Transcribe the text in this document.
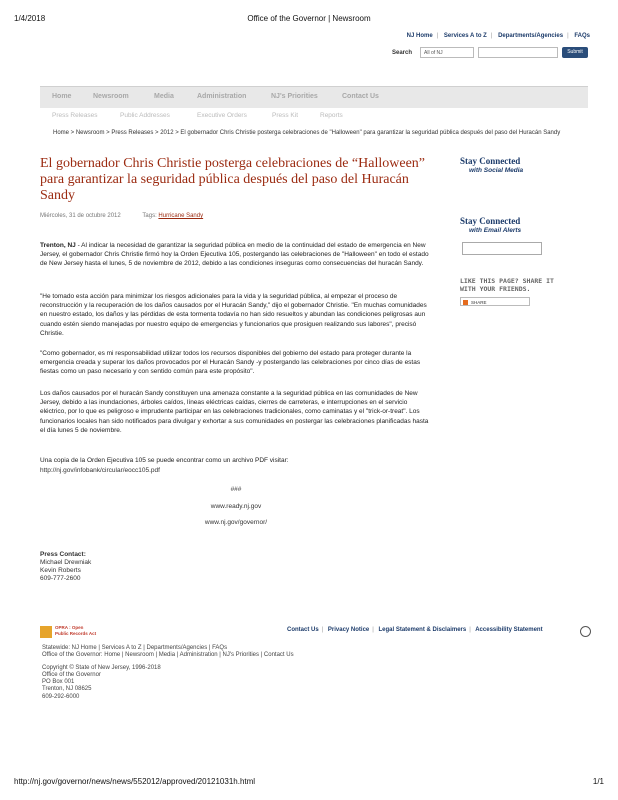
1/4/2018	Office of the Governor | Newsroom
NJ Home | Services A to Z | Departments/Agencies | FAQs
Search	All of NJ	Submit
Home	Newsroom	Media	Administration	NJ's Priorities	Contact Us
Press Releases	Public Addresses	Executive Orders	Press Kit	Reports
Home > Newsroom > Press Releases > 2012 > El gobernador Chris Christie posterga celebraciones de "Halloween" para garantizar la seguridad pública después del paso del Huracán Sandy
El gobernador Chris Christie posterga celebraciones de “Halloween” para garantizar la seguridad pública después del paso del Huracán Sandy
Miércoles, 31 de octubre 2012	Tags: Hurricane Sandy

Trenton, NJ - Al indicar la necesidad de garantizar la seguridad pública en medio de la continuidad del estado de emergencia en New Jersey, el gobernador Chris Christie firmó hoy la Orden Ejecutiva 105, postergando las celebraciones de "Halloween" en todo el estado de New Jersey hasta el lunes, 5 de noviembre de 2012, debido a las condiciones inseguras como consecuencias del huracán Sandy.

"He tomado esta acción para minimizar los riesgos adicionales para la vida y la seguridad pública, al empezar el proceso de reconstrucción y la recuperación de los daños causados por el Huracán Sandy," dijo el gobernador Christie. "En muchas comunidades en nuestro estado, los daños y las pérdidas de esta tormenta todavía no han sido resueltos y abundan las condiciones peligrosas aun cuando estén siendo manejadas por nuestro equipo de emergencias y funcionarios que prosiguen realizando sus labores", precisó Christie.

"Como gobernador, es mi responsabilidad utilizar todos los recursos disponibles del gobierno del estado para proteger durante la emergencia creada y superar los daños provocados por el Huracán Sandy -y postergando las celebraciones por cinco días de estas fiestas como un paso necesario y con sentido común para este propósito".

Los daños causados por el huracán Sandy constituyen una amenaza constante a la seguridad pública en las comunidades de New Jersey, debido a las inundaciones, árboles caídos, líneas eléctricas caídas, cierres de carreteras, e interrupciones en el servicio eléctrico, por lo que es peligroso e imprudente participar en las celebraciones tradicionales, como caminatas y el "trick-or-treat". Los funcionarios locales han sido notificados para divulgar y exhortar a sus comunidades en postergar las celebraciones planificadas hasta el día lunes 5 de noviembre.

Una copia de la Orden Ejecutiva 105 se puede encontrar como un archivo PDF visitar:

http://nj.gov/infobank/circular/eocc105.pdf
###
www.ready.nj.gov
www.nj.gov/governor/
Press Contact:
Michael Drewniak
Kevin Roberts
609-777-2600
Stay Connected
with Social Media
Stay Connected
with Email Alerts
LIKE THIS PAGE? SHARE IT
WITH YOUR FRIENDS.
SHARE
OPRA : Open
Public Records Act	Contact Us | Privacy Notice | Legal Statement & Disclaimers | Accessibility Statement
Statewide: NJ Home | Services A to Z | Departments/Agencies | FAQs
Office of the Governor: Home | Newsroom | Media | Administration | NJ's Priorities | Contact Us
Copyright © State of New Jersey, 1996-2018
Office of the Governor
PO Box 001
Trenton, NJ 08625
609-292-6000
http://nj.gov/governor/news/news/552012/approved/20121031h.html	1/1
